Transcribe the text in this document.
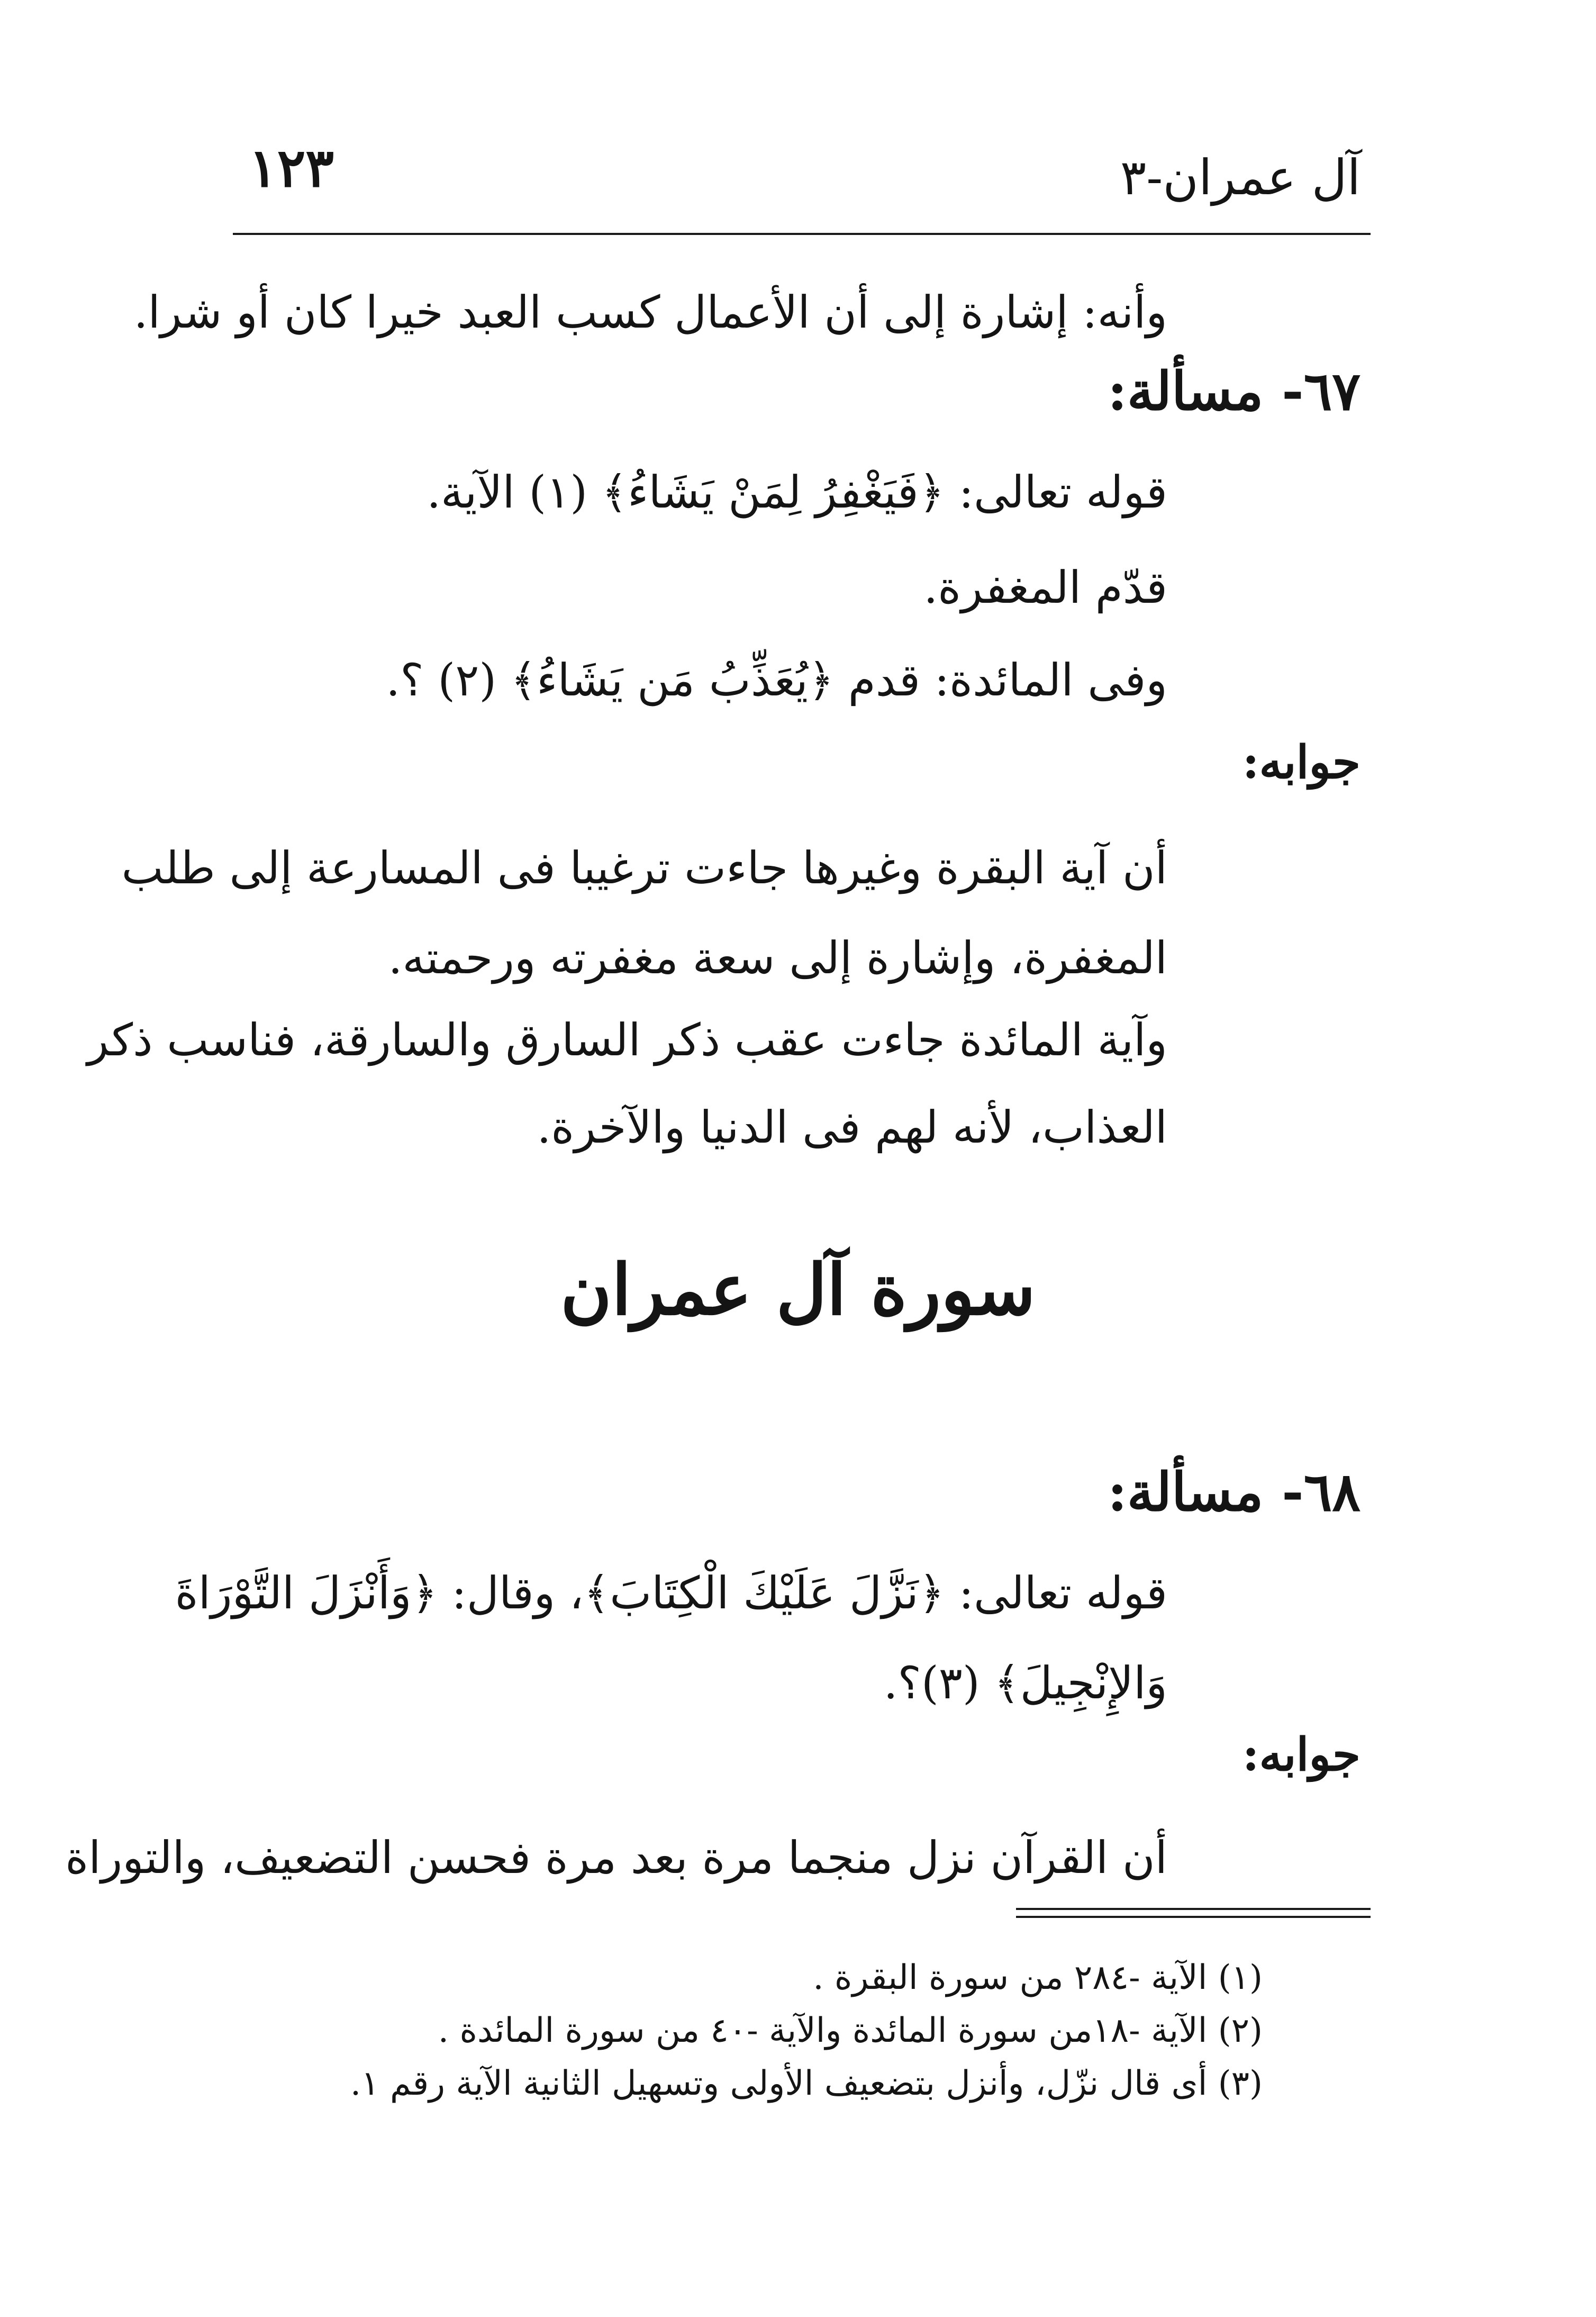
١٢٣	آل عمران-٣
وأنه: إشارة إلى أن الأعمال كسب العبد خيرا كان أو شرا.
٦٧- مسألة:
قوله تعالى: ﴿فَيَغْفِرُ لِمَنْ يَشَاءُ﴾ (١) الآية.
قدّم المغفرة.
وفى المائدة: قدم ﴿يُعَذِّبُ مَن يَشَاءُ﴾ (٢) ؟.
جوابه:
أن آية البقرة وغيرها جاءت ترغيبا فى المسارعة إلى طلب
المغفرة، وإشارة إلى سعة مغفرته ورحمته.
وآية المائدة جاءت عقب ذكر السارق والسارقة، فناسب ذكر
العذاب، لأنه لهم فى الدنيا والآخرة.
سورة آل عمران
٦٨- مسألة:
قوله تعالى: ﴿نَزَّلَ عَلَيْكَ الْكِتَابَ﴾، وقال: ﴿وَأَنْزَلَ التَّوْرَاةَ
وَالإِنْجِيلَ﴾ (٣)؟.
جوابه:
أن القرآن نزل منجما مرة بعد مرة فحسن التضعيف، والتوراة
(١) الآية -٢٨٤ من سورة البقرة .
(٢) الآية -١٨من سورة المائدة والآية -٤٠ من سورة المائدة .
(٣) أى قال نزّل، وأنزل بتضعيف الأولى وتسهيل الثانية الآية رقم ١.
